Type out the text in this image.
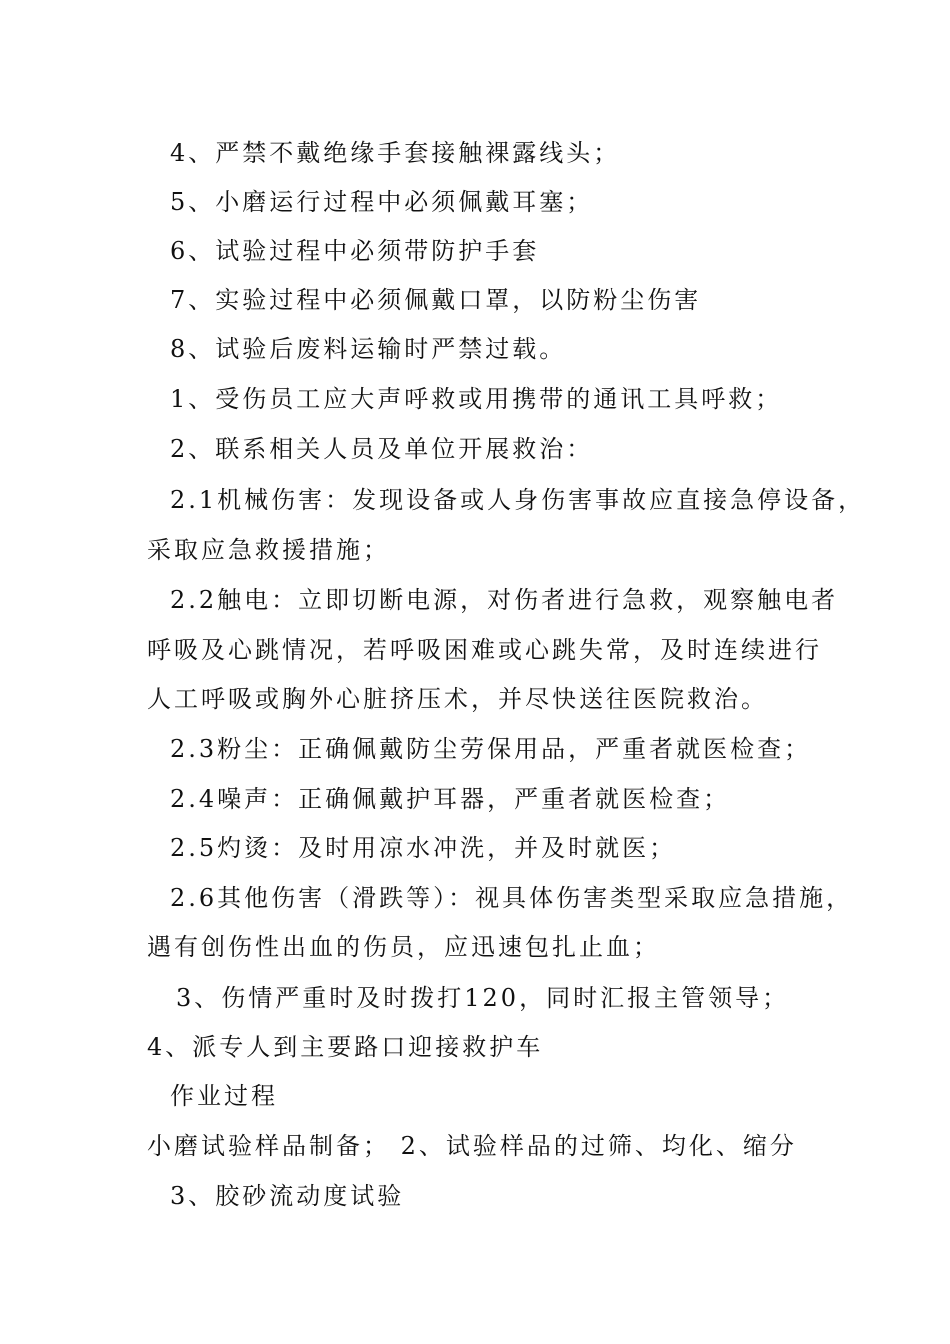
4、严禁不戴绝缘手套接触裸露线头；
5、小磨运行过程中必须佩戴耳塞；
6、试验过程中必须带防护手套
7、实验过程中必须佩戴口罩，以防粉尘伤害
8、试验后废料运输时严禁过载。
1、受伤员工应大声呼救或用携带的通讯工具呼救；
2、联系相关人员及单位开展救治：
2.1机械伤害：发现设备或人身伤害事故应直接急停设备，
采取应急救援措施；
2.2触电：立即切断电源，对伤者进行急救，观察触电者
呼吸及心跳情况，若呼吸困难或心跳失常，及时连续进行
人工呼吸或胸外心脏挤压术，并尽快送往医院救治。
2.3粉尘：正确佩戴防尘劳保用品，严重者就医检查；
2.4噪声：正确佩戴护耳器，严重者就医检查；
2.5灼烫：及时用凉水冲洗，并及时就医；
2.6其他伤害（滑跌等）：视具体伤害类型采取应急措施，
遇有创伤性出血的伤员，应迅速包扎止血；
3、伤情严重时及时拨打120，同时汇报主管领导；
4、派专人到主要路口迎接救护车
作业过程
小磨试验样品制备； 2、试验样品的过筛、均化、缩分
3、胶砂流动度试验
